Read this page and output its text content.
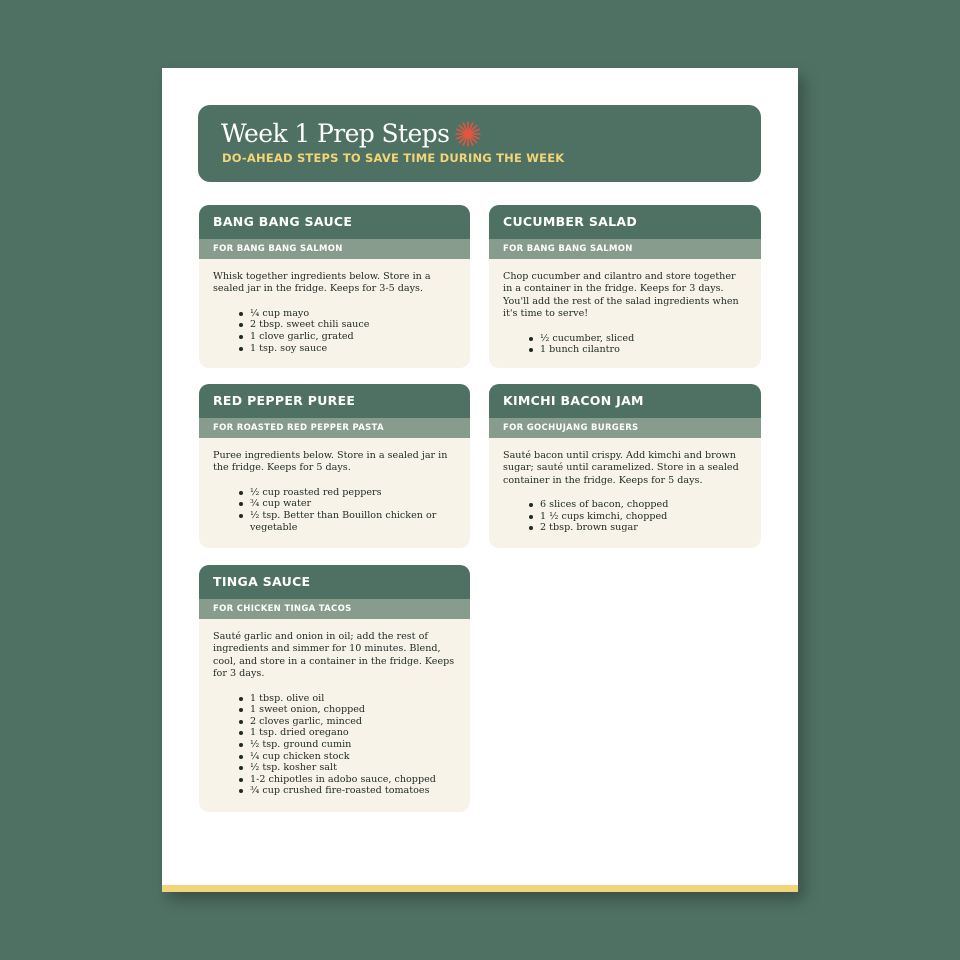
Week 1 Prep Steps
DO-AHEAD STEPS TO SAVE TIME DURING THE WEEK
BANG BANG SAUCE
FOR BANG BANG SALMON

Whisk together ingredients below. Store in a sealed jar in the fridge. Keeps for 3-5 days.

¼ cup mayo
2 tbsp. sweet chili sauce
1 clove garlic, grated
1 tsp. soy sauce
CUCUMBER SALAD
FOR BANG BANG SALMON

Chop cucumber and cilantro and store together in a container in the fridge. Keeps for 3 days. You'll add the rest of the salad ingredients when it's time to serve!

½ cucumber, sliced
1 bunch cilantro
RED PEPPER PUREE
FOR ROASTED RED PEPPER PASTA

Puree ingredients below. Store in a sealed jar in the fridge. Keeps for 5 days.

½ cup roasted red peppers
¾ cup water
½ tsp. Better than Bouillon chicken or vegetable
KIMCHI BACON JAM
FOR GOCHUJANG BURGERS

Sauté bacon until crispy. Add kimchi and brown sugar; sauté until caramelized. Store in a sealed container in the fridge. Keeps for 5 days.

6 slices of bacon, chopped
1 ½ cups kimchi, chopped
2 tbsp. brown sugar
TINGA SAUCE
FOR CHICKEN TINGA TACOS

Sauté garlic and onion in oil; add the rest of ingredients and simmer for 10 minutes. Blend, cool, and store in a container in the fridge. Keeps for 3 days.

1 tbsp. olive oil
1 sweet onion, chopped
2 cloves garlic, minced
1 tsp. dried oregano
½ tsp. ground cumin
¼ cup chicken stock
½ tsp. kosher salt
1-2 chipotles in adobo sauce, chopped
¾ cup crushed fire-roasted tomatoes
